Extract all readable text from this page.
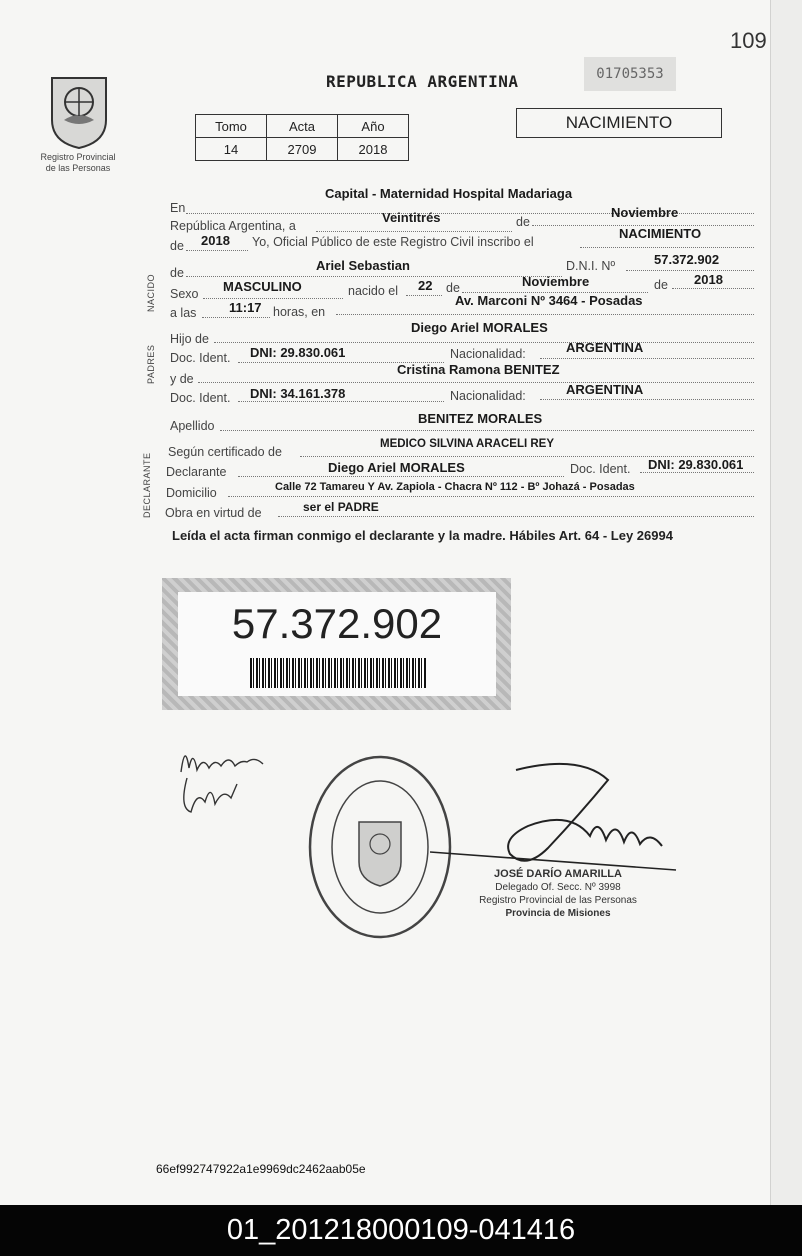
109
Registro Provincial
de las Personas
REPUBLICA ARGENTINA	01705353
Tomo	Acta	Año
14	2709	2018
NACIMIENTO
NACIDO
PADRES
DECLARANTE
En
Capital - Maternidad Hospital Madariaga
República Argentina, a
Veintitrés	de
Noviembre
de 2018 Yo, Oficial Público de este Registro Civil inscribo el
NACIMIENTO
de	Ariel Sebastian	D.N.I. Nº	57.372.902
Sexo MASCULINO	nacido el 22 de	Noviembre	de 2018
a las	11:17 horas, en
Av. Marconi Nº 3464 - Posadas
Hijo de
Diego Ariel MORALES
Doc. Ident. DNI: 29.830.061	Nacionalidad:	ARGENTINA
y de
Cristina Ramona BENITEZ
Doc. Ident. DNI: 34.161.378	Nacionalidad:	ARGENTINA
Apellido	BENITEZ MORALES
Según certificado de
MEDICO SILVINA ARACELI REY
Declarante	Diego Ariel MORALES	Doc. Ident. DNI: 29.830.061
Domicilio	Calle 72 Tamareu Y Av. Zapiola - Chacra Nº 112 - Bº Johazá - Posadas
Obra en virtud de	ser el PADRE
Leída el acta firman conmigo el declarante y la madre. Hábiles Art. 64 - Ley 26994
57.372.902
JOSÉ DARÍO AMARILLA
Delegado Of. Secc. Nº 3998
Registro Provincial de las Personas
Provincia de Misiones
66ef992747922a1e9969dc2462aab05e
01_201218000109-041416
